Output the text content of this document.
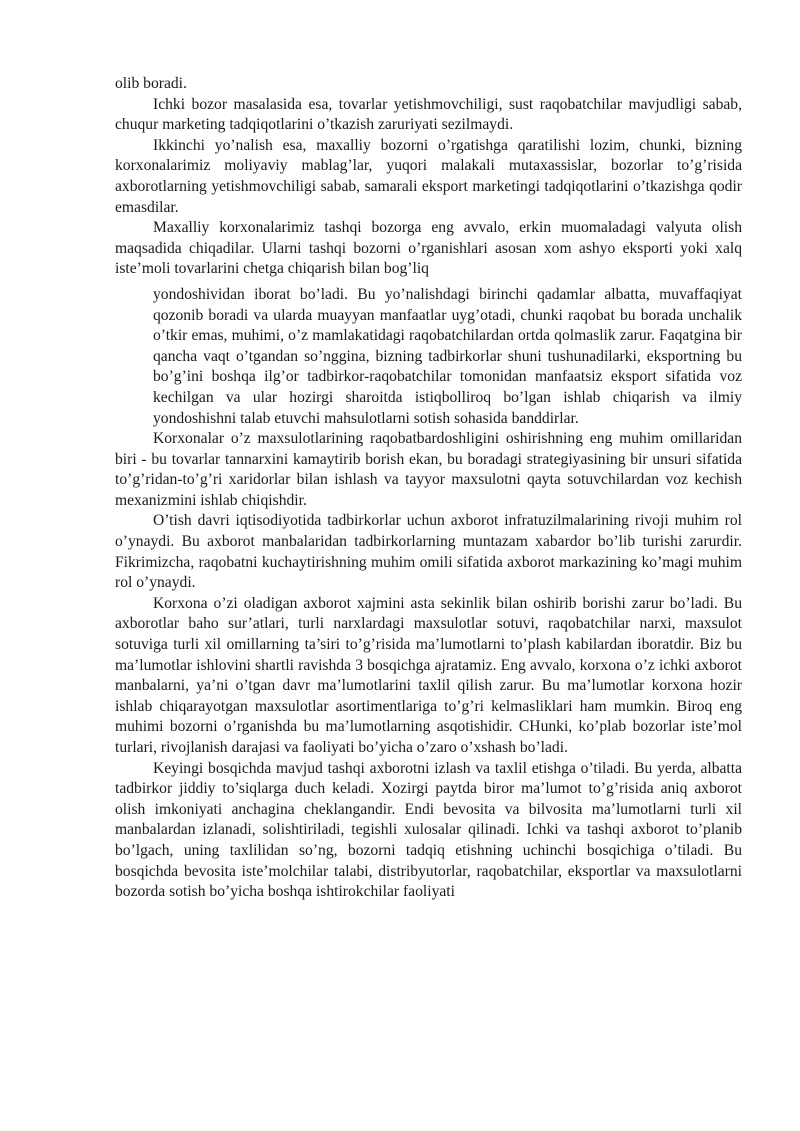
olib boradi.

Ichki bozor masalasida esa, tovarlar yetishmovchiligi, sust raqobatchilar mavjudligi sabab, chuqur marketing tadqiqotlarini o’tkazish zaruriyati sezilmaydi.

Ikkinchi yo’nalish esa, maxalliy bozorni o’rgatishga qaratilishi lozim, chunki, bizning korxonalarimiz moliyaviy mablag’lar, yuqori malakali mutaxassislar, bozorlar to’g’risida axborotlarning yetishmovchiligi sabab, samarali eksport marketingi tadqiqotlarini o’tkazishga qodir emasdilar.

Maxalliy korxonalarimiz tashqi bozorga eng avvalo, erkin muomaladagi valyuta olish maqsadida chiqadilar. Ularni tashqi bozorni o’rganishlari asosan xom ashyo eksporti yoki xalq iste’moli tovarlarini chetga chiqarish bilan bog’liq

yondoshividan iborat bo’ladi. Bu yo’nalishdagi birinchi qadamlar albatta, muvaffaqiyat qozonib boradi va ularda muayyan manfaatlar uyg’otadi, chunki raqobat bu borada unchalik o’tkir emas, muhimi, o’z mamlakatidagi raqobatchilardan ortda qolmaslik zarur. Faqatgina bir qancha vaqt o’tgandan so’nggina, bizning tadbirkorlar shuni tushunadilarki, eksportning bu bo’g’ini boshqa ilg’or tadbirkor-raqobatchilar tomonidan manfaatsiz eksport sifatida voz kechilgan va ular hozirgi sharoitda istiqbolliroq bo’lgan ishlab chiqarish va ilmiy yondoshishni talab etuvchi mahsulotlarni sotish sohasida banddirlar.

Korxonalar o’z maxsulotlarining raqobatbardoshligini oshirishning eng muhim omillaridan biri - bu tovarlar tannarxini kamaytirib borish ekan, bu boradagi strategiyasining bir unsuri sifatida to’g’ridan-to’g’ri xaridorlar bilan ishlash va tayyor maxsulotni qayta sotuvchilardan voz kechish mexanizmini ishlab chiqishdir.

O’tish davri iqtisodiyotida tadbirkorlar uchun axborot infratuzilmalarining rivoji muhim rol o’ynaydi. Bu axborot manbalaridan tadbirkorlarning muntazam xabardor bo’lib turishi zarurdir. Fikrimizcha, raqobatni kuchaytirishning muhim omili sifatida axborot markazining ko’magi muhim rol o’ynaydi.

Korxona o’zi oladigan axborot xajmini asta sekinlik bilan oshirib borishi zarur bo’ladi. Bu axborotlar baho sur’atlari, turli narxlardagi maxsulotlar sotuvi, raqobatchilar narxi, maxsulot sotuviga turli xil omillarning ta’siri to’g’risida ma’lumotlarni to’plash kabilardan iboratdir. Biz bu ma’lumotlar ishlovini shartli ravishda 3 bosqichga ajratamiz. Eng avvalo, korxona o’z ichki axborot manbalarni, ya’ni o’tgan davr ma’lumotlarini taxlil qilish zarur. Bu ma’lumotlar korxona hozir ishlab chiqarayotgan maxsulotlar asortimentlariga to’g’ri kelmasliklari ham mumkin. Biroq eng muhimi bozorni o’rganishda bu ma’lumotlarning asqotishidir. CHunki, ko’plab bozorlar iste’mol turlari, rivojlanish darajasi va faoliyati bo’yicha o’zaro o’xshash bo’ladi.

Keyingi bosqichda mavjud tashqi axborotni izlash va taxlil etishga o’tiladi. Bu yerda, albatta tadbirkor jiddiy to’siqlarga duch keladi. Xozirgi paytda biror ma’lumot to’g’risida aniq axborot olish imkoniyati anchagina cheklangandir. Endi bevosita va bilvosita ma’lumotlarni turli xil manbalardan izlanadi, solishtiriladi, tegishli xulosalar qilinadi. Ichki va tashqi axborot to’planib bo’lgach, uning taxlilidan so’ng, bozorni tadqiq etishning uchinchi bosqichiga o’tiladi. Bu bosqichda bevosita iste’molchilar talabi, distribyutorlar, raqobatchilar, eksportlar va maxsulotlarni bozorda sotish bo’yicha boshqa ishtirokchilar faoliyati
